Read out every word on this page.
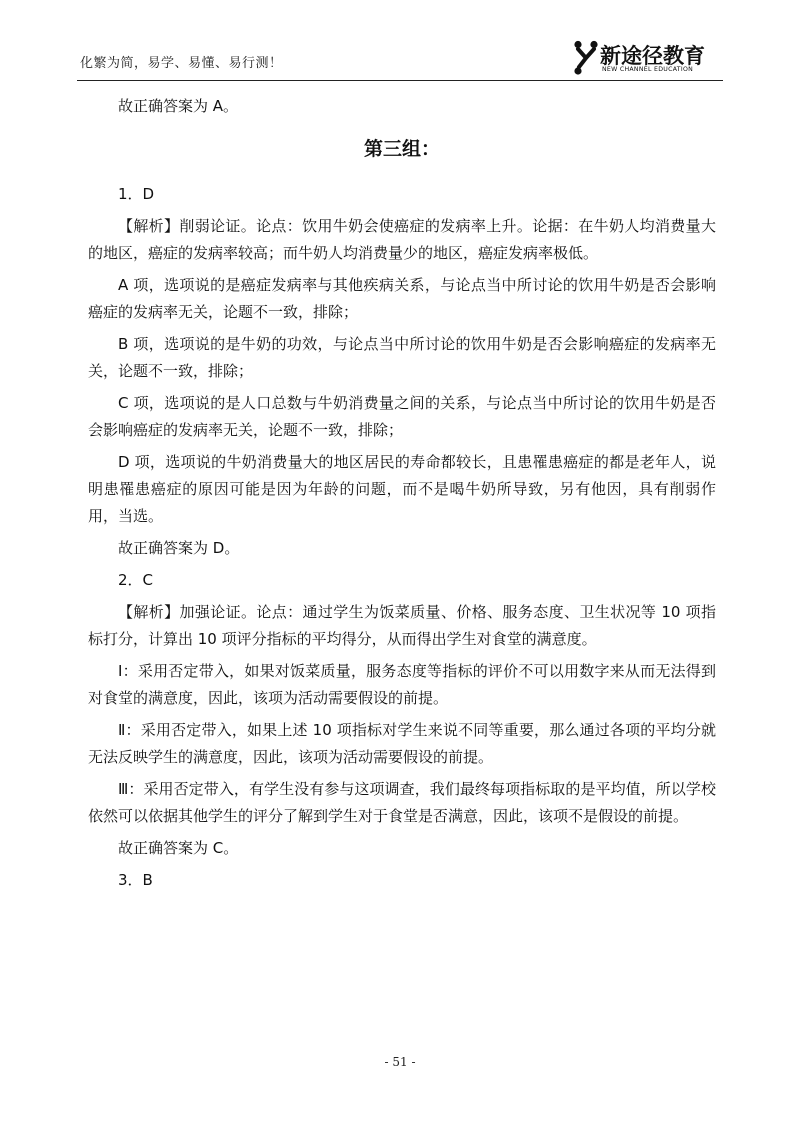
化繁为简，易学、易懂、易行测！	新途径教育
NEW CHANNEL EDUCATION

故正确答案为 A。

第三组：

1．D

【解析】削弱论证。论点：饮用牛奶会使癌症的发病率上升。论据：在牛奶人均消费量大的地区，癌症的发病率较高；而牛奶人均消费量少的地区，癌症发病率极低。

A 项，选项说的是癌症发病率与其他疾病关系，与论点当中所讨论的饮用牛奶是否会影响癌症的发病率无关，论题不一致，排除；

B 项，选项说的是牛奶的功效，与论点当中所讨论的饮用牛奶是否会影响癌症的发病率无关，论题不一致，排除；

C 项，选项说的是人口总数与牛奶消费量之间的关系，与论点当中所讨论的饮用牛奶是否会影响癌症的发病率无关，论题不一致，排除；

D 项，选项说的牛奶消费量大的地区居民的寿命都较长，且患罹患癌症的都是老年人，说明患罹患癌症的原因可能是因为年龄的问题，而不是喝牛奶所导致，另有他因，具有削弱作用，当选。

故正确答案为 D。

2．C

【解析】加强论证。论点：通过学生为饭菜质量、价格、服务态度、卫生状况等 10 项指标打分，计算出 10 项评分指标的平均得分，从而得出学生对食堂的满意度。

Ⅰ：采用否定带入，如果对饭菜质量，服务态度等指标的评价不可以用数字来从而无法得到对食堂的满意度，因此，该项为活动需要假设的前提。

Ⅱ：采用否定带入，如果上述 10 项指标对学生来说不同等重要，那么通过各项的平均分就无法反映学生的满意度，因此，该项为活动需要假设的前提。

Ⅲ：采用否定带入，有学生没有参与这项调查，我们最终每项指标取的是平均值，所以学校依然可以依据其他学生的评分了解到学生对于食堂是否满意，因此，该项不是假设的前提。

故正确答案为 C。

3．B

- 51 -
